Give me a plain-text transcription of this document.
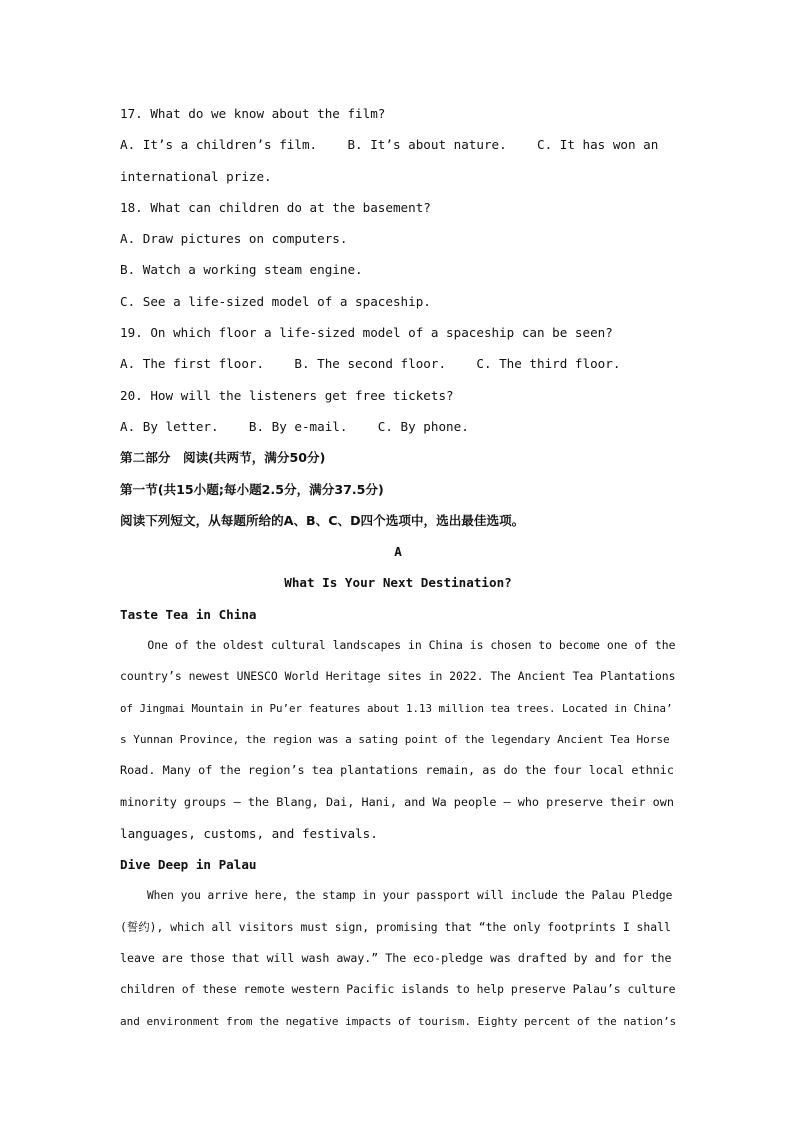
17. What do we know about the film?
A. It’s a children’s film.    B. It’s about nature.    C. It has won an
international prize.
18. What can children do at the basement?
A. Draw pictures on computers.
B. Watch a working steam engine.
C. See a life-sized model of a spaceship.
19. On which floor a life-sized model of a spaceship can be seen?
A. The first floor.    B. The second floor.    C. The third floor.
20. How will the listeners get free tickets?
A. By letter.    B. By e-mail.    C. By phone.
第二部分　阅读(共两节，满分50分)
第一节(共15小题;每小题2.5分，满分37.5分)
阅读下列短文，从每题所给的A、B、C、D四个选项中，选出最佳选项。
A
What Is Your Next Destination?
Taste Tea in China
One of the oldest cultural landscapes in China is chosen to become one of the
country’s newest UNESCO World Heritage sites in 2022. The Ancient Tea Plantations
of Jingmai Mountain in Pu’er features about 1.13 million tea trees. Located in China’
s Yunnan Province, the region was a sating point of the legendary Ancient Tea Horse
Road. Many of the region’s tea plantations remain, as do the four local ethnic
minority groups — the Blang, Dai, Hani, and Wa people — who preserve their own
languages, customs, and festivals.
Dive Deep in Palau
When you arrive here, the stamp in your passport will include the Palau Pledge
(誓约), which all visitors must sign, promising that “the only footprints I shall
leave are those that will wash away.” The eco-pledge was drafted by and for the
children of these remote western Pacific islands to help preserve Palau’s culture
and environment from the negative impacts of tourism. Eighty percent of the nation’s
